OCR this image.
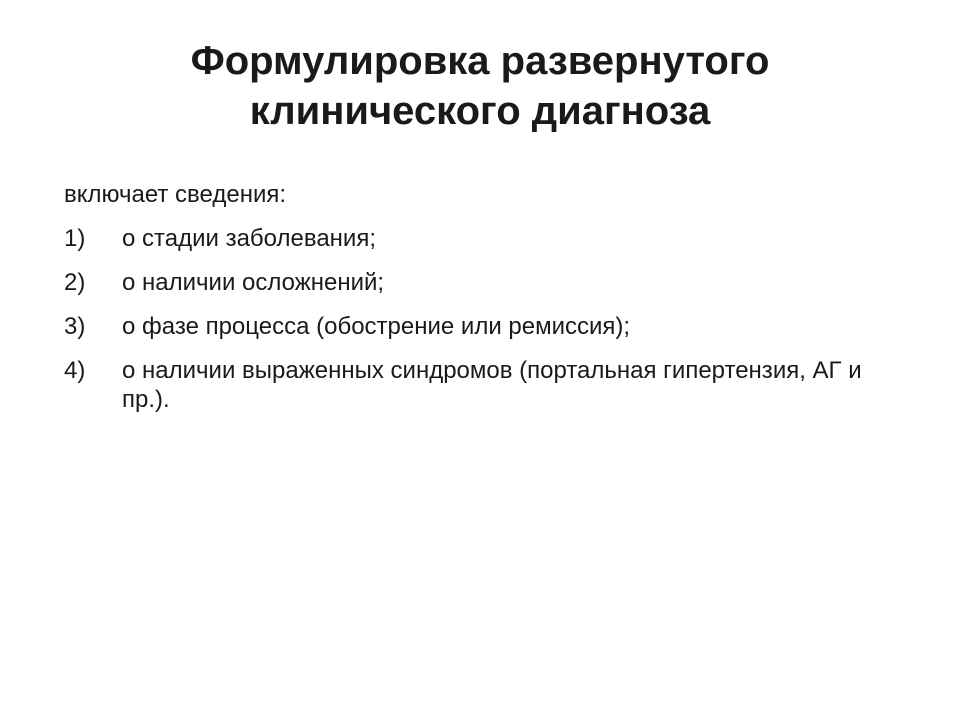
Формулировка развернутого
клинического диагноза

включает сведения:

1)	о стадии заболевания;
2)	о наличии осложнений;
3)	о фазе процесса (обострение или ремиссия);
4)	о наличии выраженных синдромов (портальная гипертензия, АГ и пр.).
